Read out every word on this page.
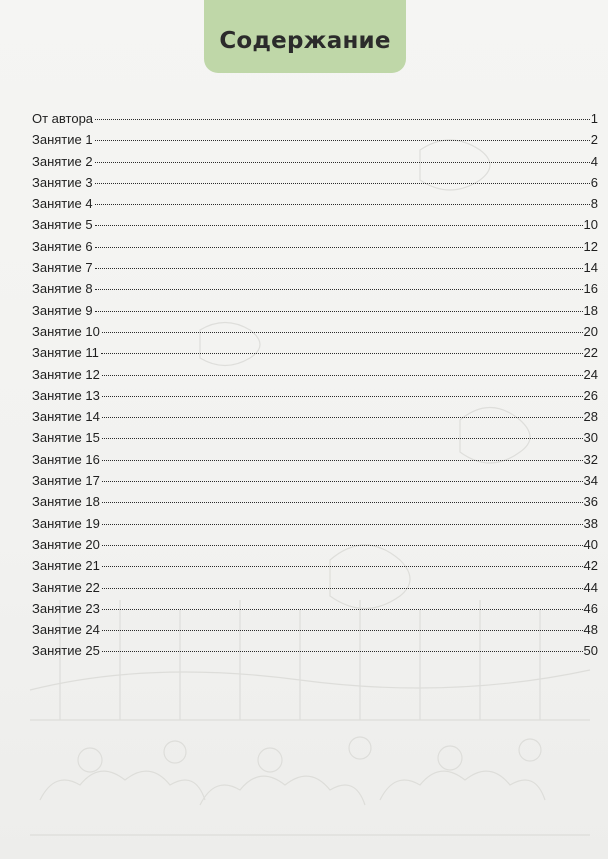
Содержание
От автора	1
Занятие 1	2
Занятие 2	4
Занятие 3	6
Занятие 4	8
Занятие 5	10
Занятие 6	12
Занятие 7	14
Занятие 8	16
Занятие 9	18
Занятие 10	20
Занятие 11	22
Занятие 12	24
Занятие 13	26
Занятие 14	28
Занятие 15	30
Занятие 16	32
Занятие 17	34
Занятие 18	36
Занятие 19	38
Занятие 20	40
Занятие 21	42
Занятие 22	44
Занятие 23	46
Занятие 24	48
Занятие 25	50
